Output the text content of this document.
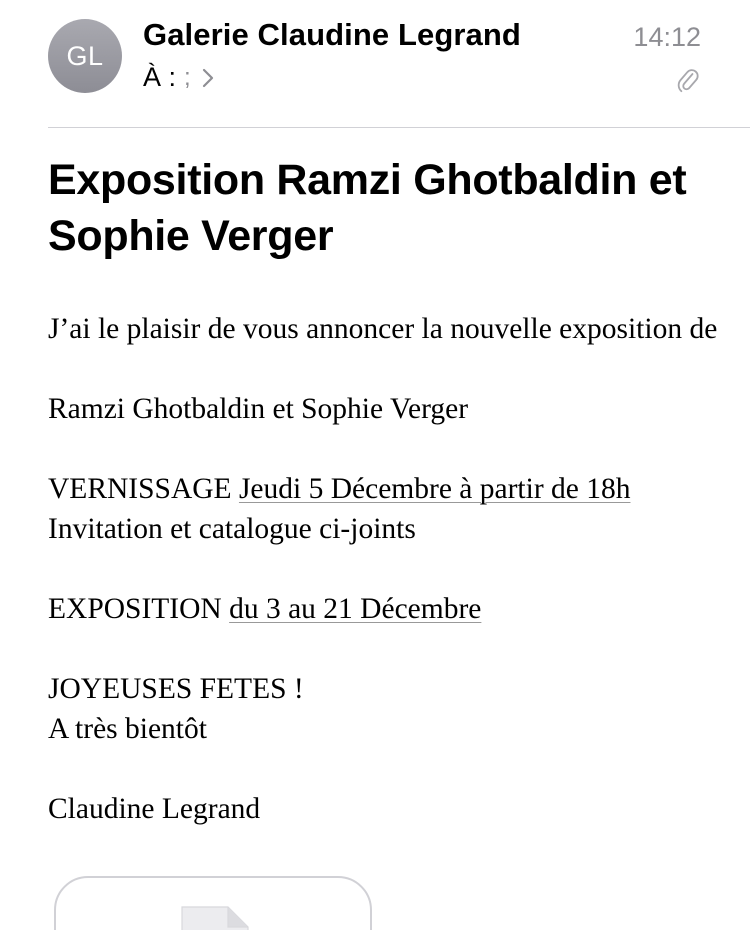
GL
Galerie Claudine Legrand
À : ;
14:12
Exposition Ramzi Ghotbaldin et Sophie Verger

J’ai le plaisir de vous annoncer la nouvelle exposition de

Ramzi Ghotbaldin et Sophie Verger

VERNISSAGE Jeudi 5 Décembre à partir de 18h

Invitation et catalogue ci-joints

EXPOSITION du 3 au 21 Décembre

JOYEUSES FETES !

A très bientôt

Claudine Legrand
